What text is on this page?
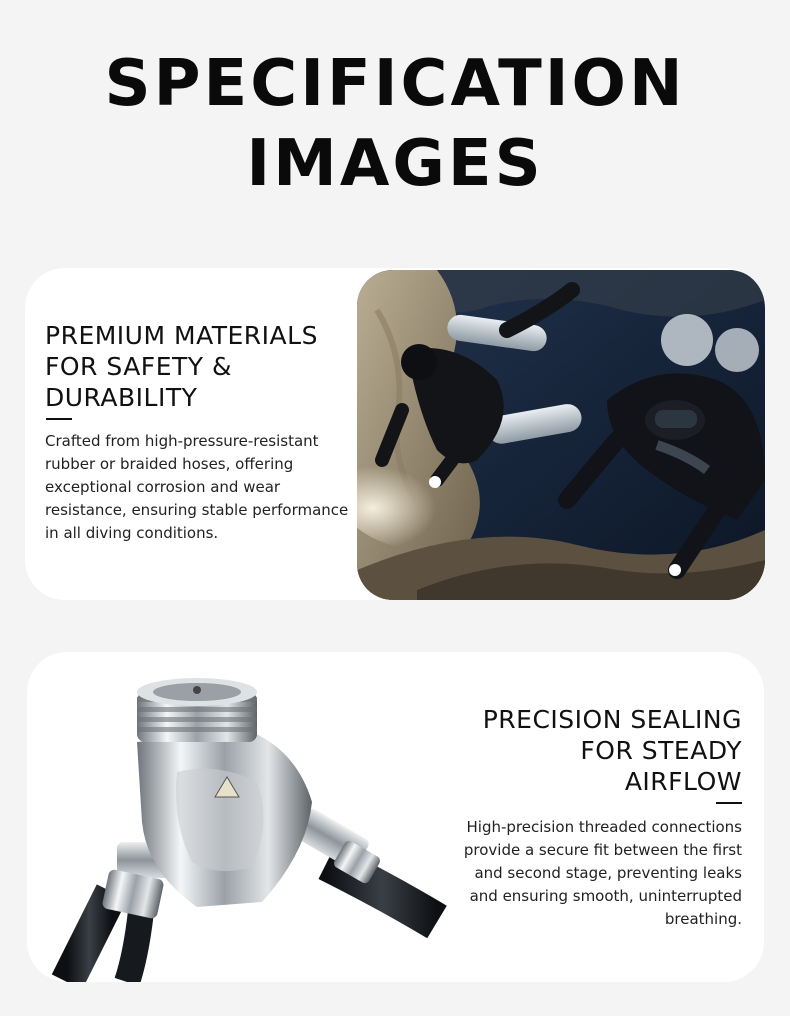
SPECIFICATION
IMAGES
PREMIUM MATERIALS
FOR SAFETY &
DURABILITY

Crafted from high-pressure-resistant
rubber or braided hoses, offering
exceptional corrosion and wear
resistance, ensuring stable performance
in all diving conditions.

PRECISION SEALING
FOR STEADY
AIRFLOW

High-precision threaded connections
provide a secure fit between the first
and second stage, preventing leaks
and ensuring smooth, uninterrupted
breathing.
